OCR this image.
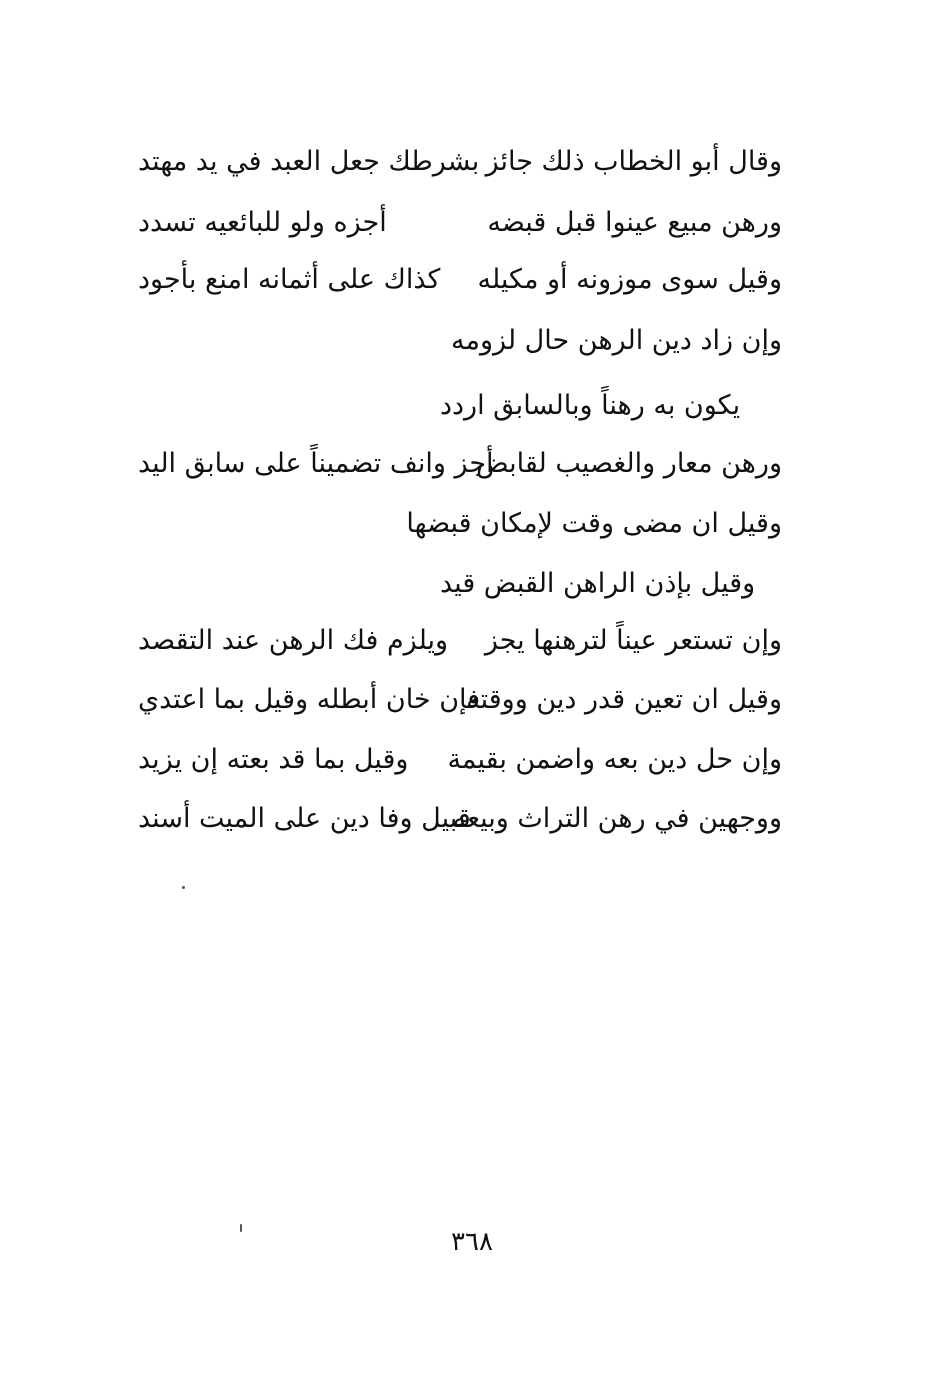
وقال أبو الخطاب ذلك جائز
بشرطك جعل العبد في يد مهتد
ورهن مبيع عينوا قبل قبضه
أجزه ولو للبائعيه تسدد
وقيل سوى موزونه أو مكيله
كذاك على أثمانه امنع بأجود
وإن زاد دين الرهن حال لزومه
يكون به رهناً وبالسابق اردد
ورهن معار والغصيب لقابض
أجز وانف تضميناً على سابق اليد
وقيل ان مضى وقت لإمكان قبضها
وقيل بإذن الراهن القبض قيد
وإن تستعر عيناً لترهنها يجز
ويلزم فك الرهن عند التقصد
وقيل ان تعين قدر دين ووقته
فإن خان أبطله وقيل بما اعتدي
وإن حل دين بعه واضمن بقيمة
وقيل بما قد بعته إن يزيد
ووجهين في رهن التراث وبيعه
قبيل وفا دين على الميت أسند
٣٦٨
